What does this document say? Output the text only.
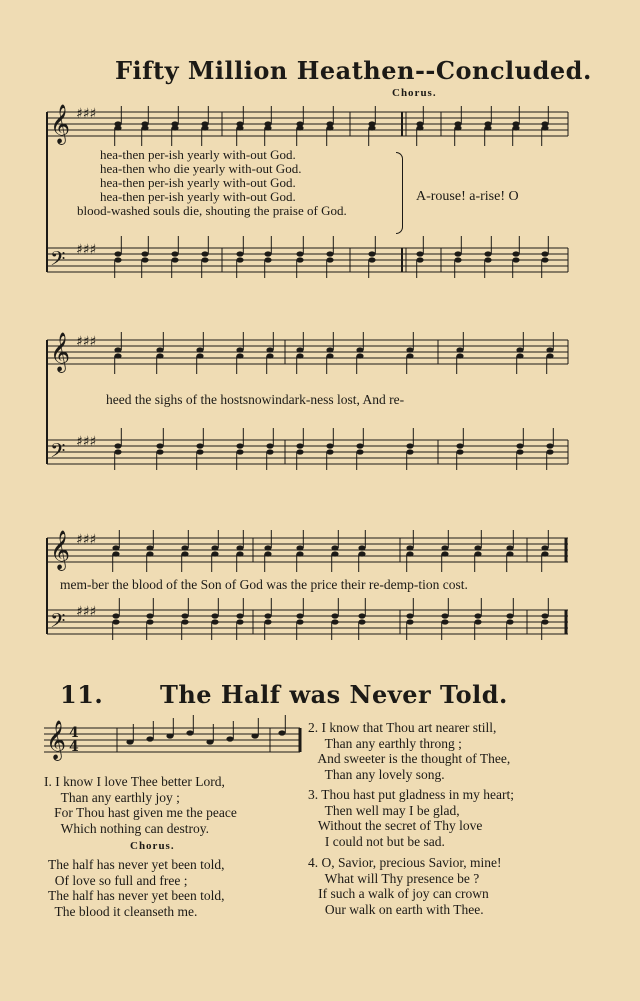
Fifty Million Heathen--Concluded.
Chorus.
𝄞
𝄢
𝄞
𝄢
𝄞
𝄢
𝄞 4
4
♯♯♯
♯♯♯
♯♯♯
♯♯♯
♯♯♯
♯♯♯
hea-then per-ish yearly with-out God.
hea-then who die yearly with-out God.
hea-then per-ish yearly with-out God.
hea-then per-ish yearly with-out God.
blood-washed souls die, shouting the praise of God.
A-rouse! a-rise! O
heed the sighs of the hostsnowindark-ness lost, And re-
mem-ber the blood of the Son of God was the price their re-demp-tion cost.
11. The Half was Never Told.
I. I know I love Thee better Lord,
Than any earthly joy ;
For Thou hast given me the peace
Which nothing can destroy.
Chorus.
The half has never yet been told,
Of love so full and free ;
The half has never yet been told,
The blood it cleanseth me.
2. I know that Thou art nearer still,
Than any earthly throng ;
And sweeter is the thought of Thee,
Than any lovely song.
3. Thou hast put gladness in my heart;
Then well may I be glad,
Without the secret of Thy love
I could not but be sad.
4. O, Savior, precious Savior, mine!
What will Thy presence be ?
If such a walk of joy can crown
Our walk on earth with Thee.
